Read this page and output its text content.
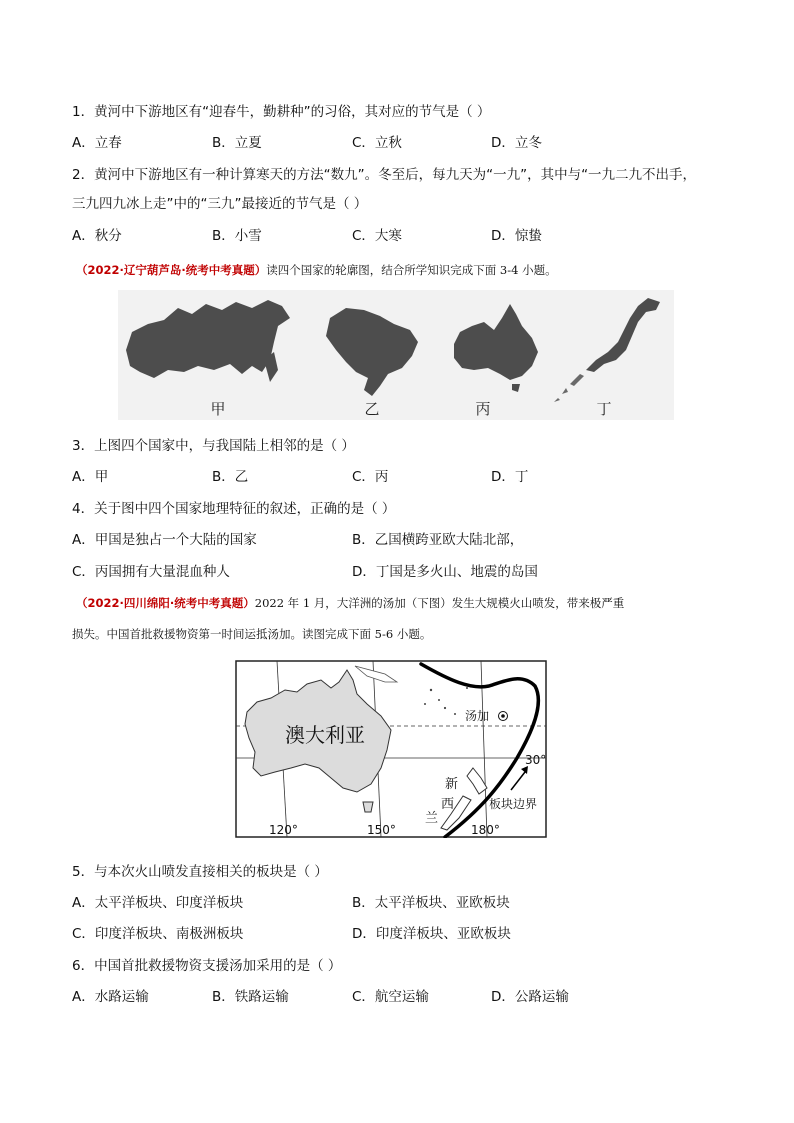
1．黄河中下游地区有“迎春牛，勤耕种”的习俗，其对应的节气是（ ）
A．立春	B．立夏	C．立秋	D．立冬
2．黄河中下游地区有一种计算寒天的方法“数九”。冬至后，每九天为“一九”，其中与“一九二九不出手，
三九四九冰上走”中的“三九”最接近的节气是（ ）
A．秋分	B．小雪	C．大寒	D．惊蛰
（2022·辽宁葫芦岛·统考中考真题）读四个国家的轮廓图，结合所学知识完成下面 3-4 小题。
甲	乙	丙	丁
3．上图四个国家中，与我国陆上相邻的是（ ）
A．甲	B．乙	C．丙	D．丁
4．关于图中四个国家地理特征的叙述，正确的是（ ）
A．甲国是独占一个大陆的国家	B．乙国横跨亚欧大陆北部，
C．丙国拥有大量混血种人	D．丁国是多火山、地震的岛国
（2022·四川绵阳·统考中考真题）2022 年 1 月，大洋洲的汤加（下图）发生大规模火山喷发，带来极严重
损失。中国首批救援物资第一时间运抵汤加。读图完成下面 5-6 小题。
澳大利亚
汤加
新
西
兰
板块边界
30°
120°	150°	180°
5．与本次火山喷发直接相关的板块是（ ）
A．太平洋板块、印度洋板块	B．太平洋板块、亚欧板块
C．印度洋板块、南极洲板块	D．印度洋板块、亚欧板块
6．中国首批救援物资支援汤加采用的是（ ）
A．水路运输	B．铁路运输	C．航空运输	D．公路运输
